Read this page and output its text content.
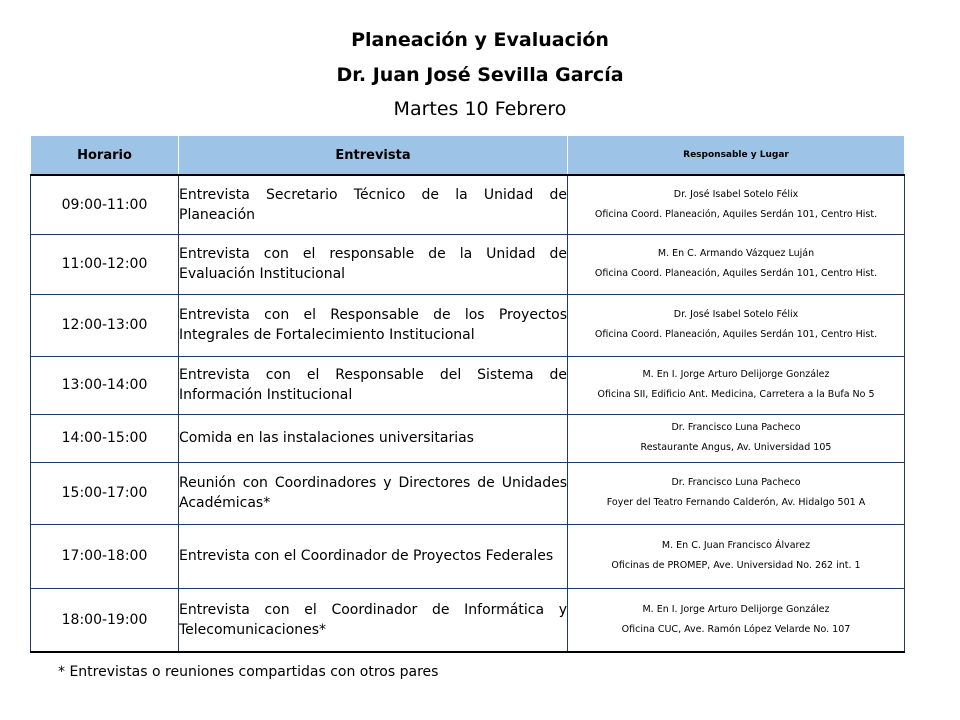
Planeación y Evaluación
Dr. Juan José Sevilla García
Martes 10 Febrero
Horario	Entrevista	Responsable y Lugar
09:00-11:00	Entrevista Secretario Técnico de la Unidad de Planeación	Dr. José Isabel Sotelo Félix
Oficina Coord. Planeación, Aquiles Serdán 101, Centro Hist.

11:00-12:00	Entrevista con el responsable de la Unidad de Evaluación Institucional	M. En C. Armando Vázquez Luján
Oficina Coord. Planeación, Aquiles Serdán 101, Centro Hist.

12:00-13:00	Entrevista con el Responsable de los Proyectos Integrales de Fortalecimiento Institucional	Dr. José Isabel Sotelo Félix
Oficina Coord. Planeación, Aquiles Serdán 101, Centro Hist.

13:00-14:00	Entrevista con el Responsable del Sistema de Información Institucional	M. En I. Jorge Arturo Delijorge González
Oficina SII, Edificio Ant. Medicina, Carretera a la Bufa No 5

14:00-15:00	Comida en las instalaciones universitarias	Dr. Francisco Luna Pacheco
Restaurante Angus, Av. Universidad 105

15:00-17:00	Reunión con Coordinadores y Directores de Unidades Académicas*	Dr. Francisco Luna Pacheco
Foyer del Teatro Fernando Calderón, Av. Hidalgo 501 A

17:00-18:00	Entrevista con el Coordinador de Proyectos Federales	M. En C. Juan Francisco Álvarez
Oficinas de PROMEP, Ave. Universidad No. 262 int. 1

18:00-19:00	Entrevista con el Coordinador de Informática y Telecomunicaciones*	M. En I. Jorge Arturo Delijorge González
Oficina CUC, Ave. Ramón López Velarde No. 107
* Entrevistas o reuniones compartidas con otros pares
